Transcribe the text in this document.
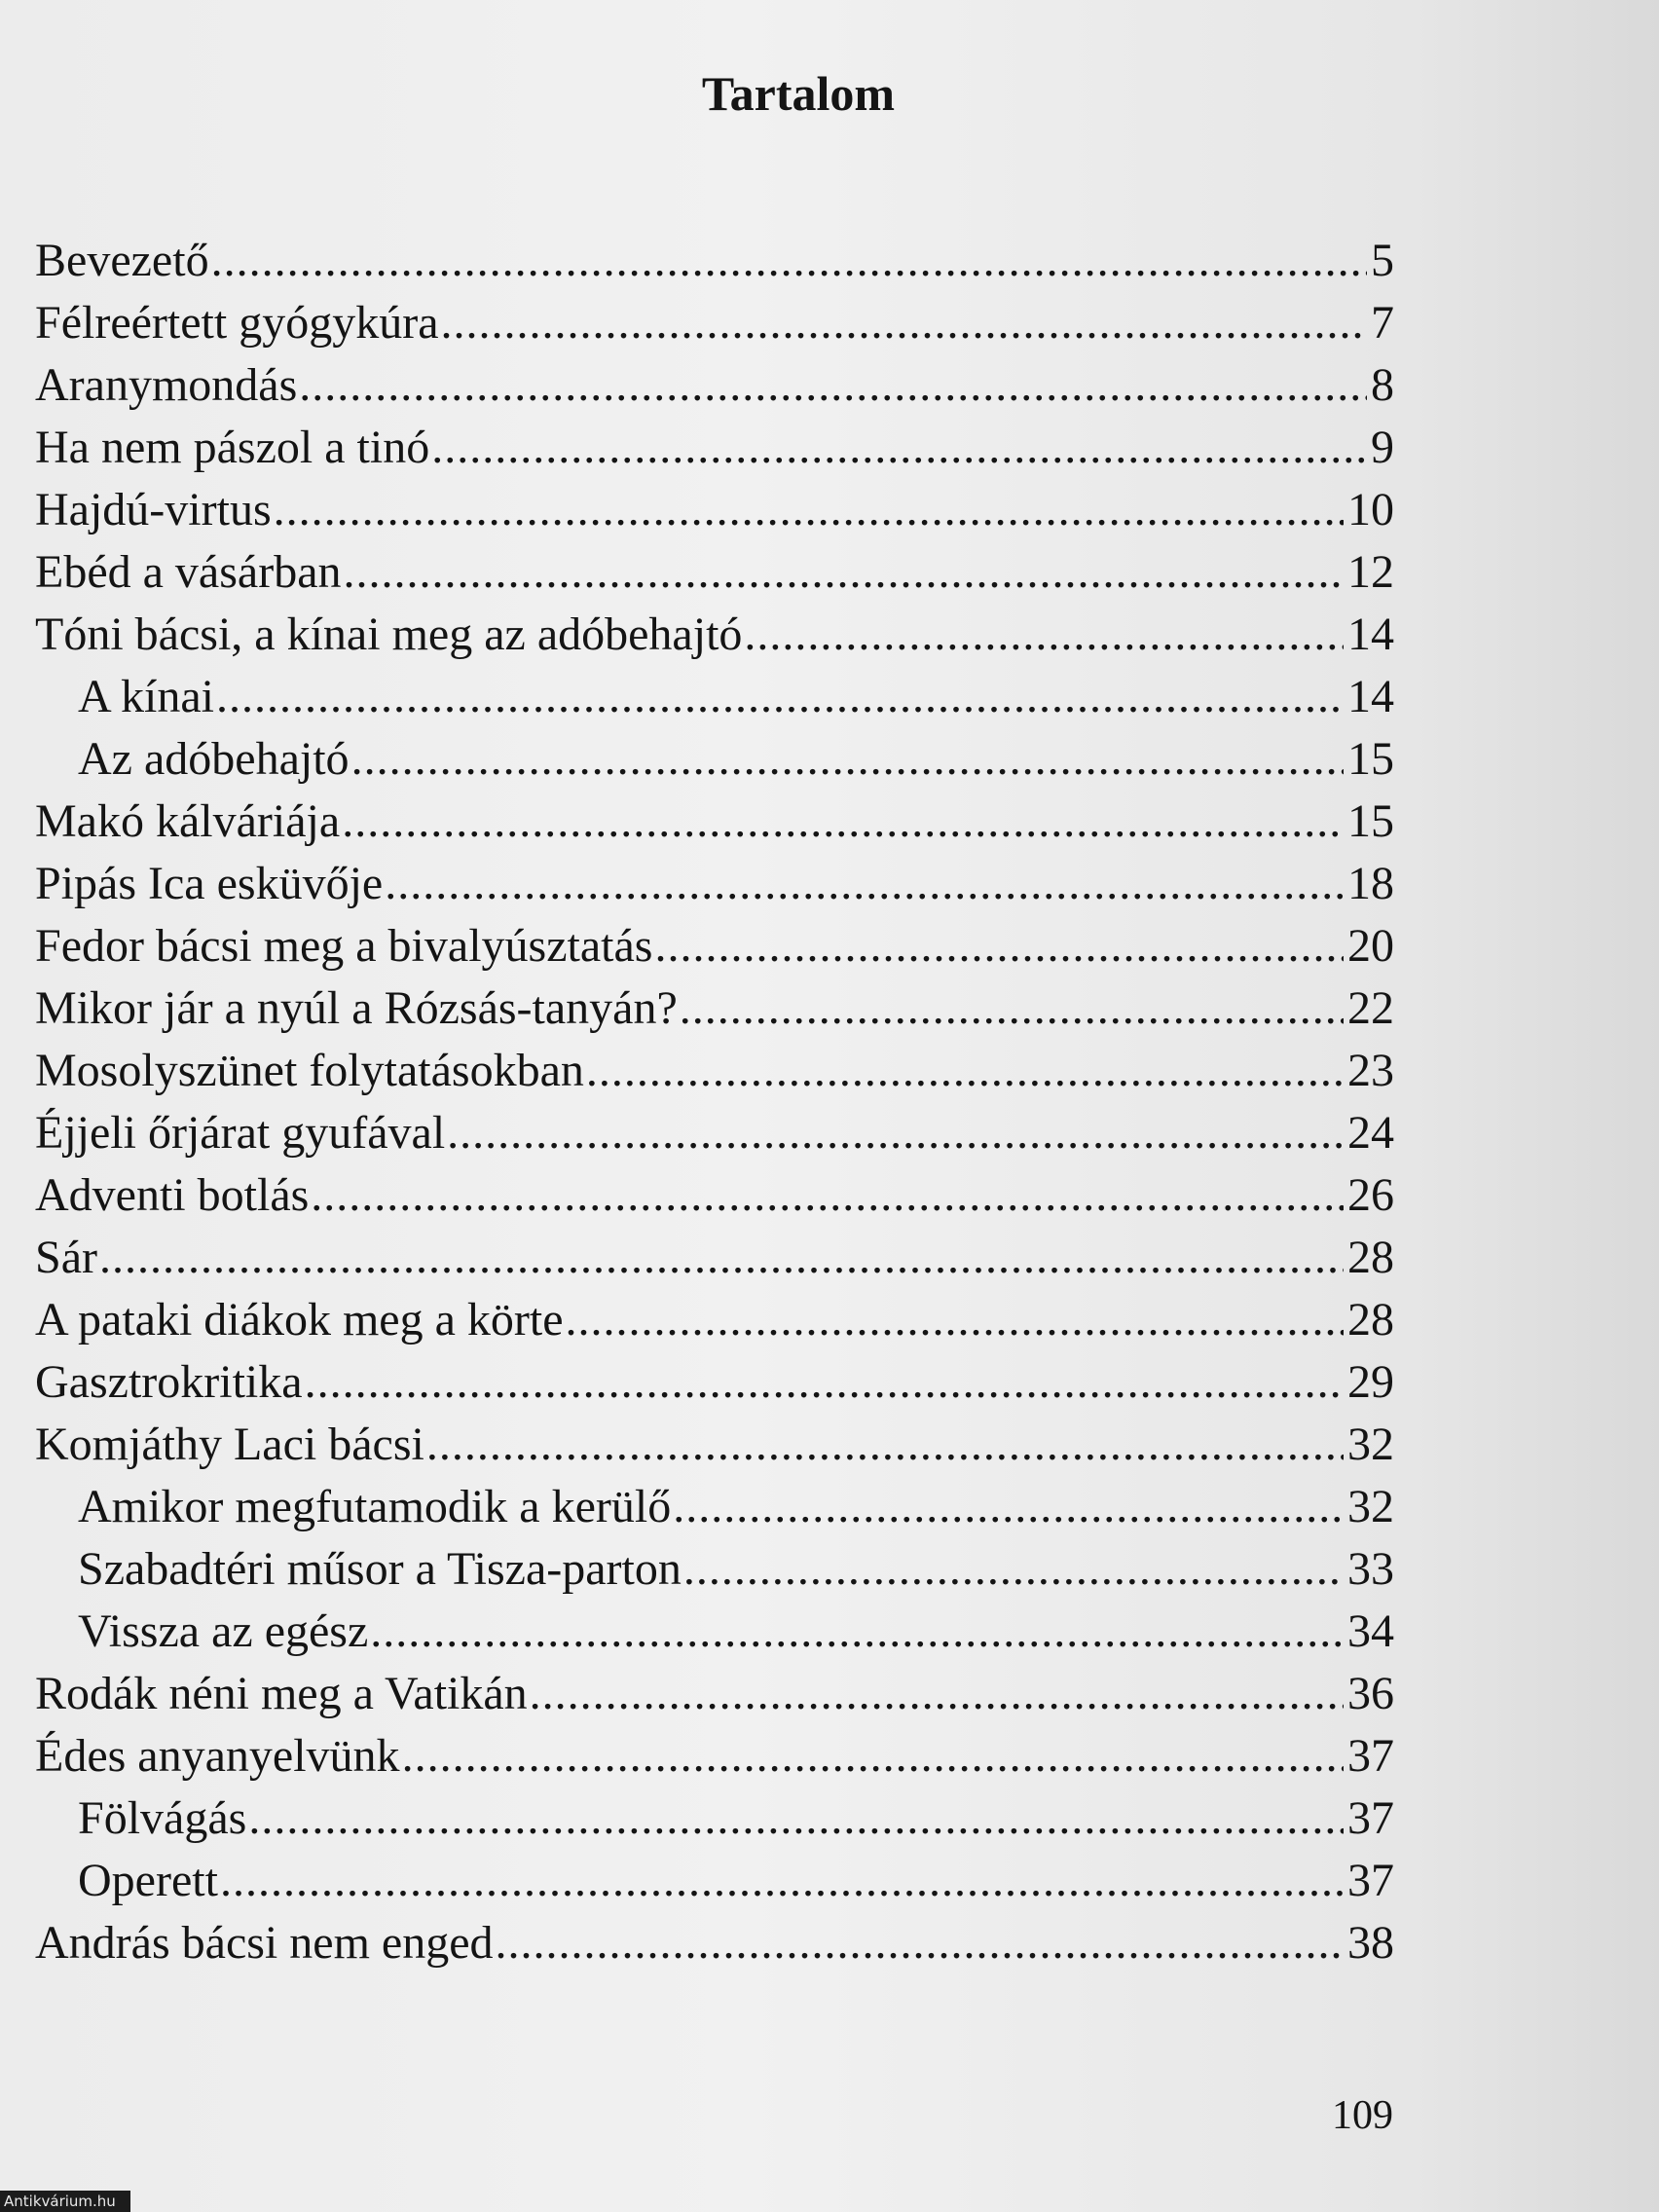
Tartalom
Bevezető .....	5
Félreértett gyógykúra .....	7
Aranymondás .....	8
Ha nem pászol a tinó .....	9
Hajdú-virtus .....	10
Ebéd a vásárban .....	12
Tóni bácsi, a kínai meg az adóbehajtó .....	14
A kínai .....	14
Az adóbehajtó .....	15
Makó kálváriája .....	15
Pipás Ica esküvője .....	18
Fedor bácsi meg a bivalyúsztatás .....	20
Mikor jár a nyúl a Rózsás-tanyán? .....	22
Mosolyszünet folytatásokban .....	23
Éjjeli őrjárat gyufával .....	24
Adventi botlás .....	26
Sár .....	28
A pataki diákok meg a körte .....	28
Gasztrokritika .....	29
Komjáthy Laci bácsi .....	32
Amikor megfutamodik a kerülő .....	32
Szabadtéri műsor a Tisza-parton .....	33
Vissza az egész .....	34
Rodák néni meg a Vatikán .....	36
Édes anyanyelvünk .....	37
Fölvágás .....	37
Operett .....	37
András bácsi nem enged .....	38
109
Antikvárium.hu
